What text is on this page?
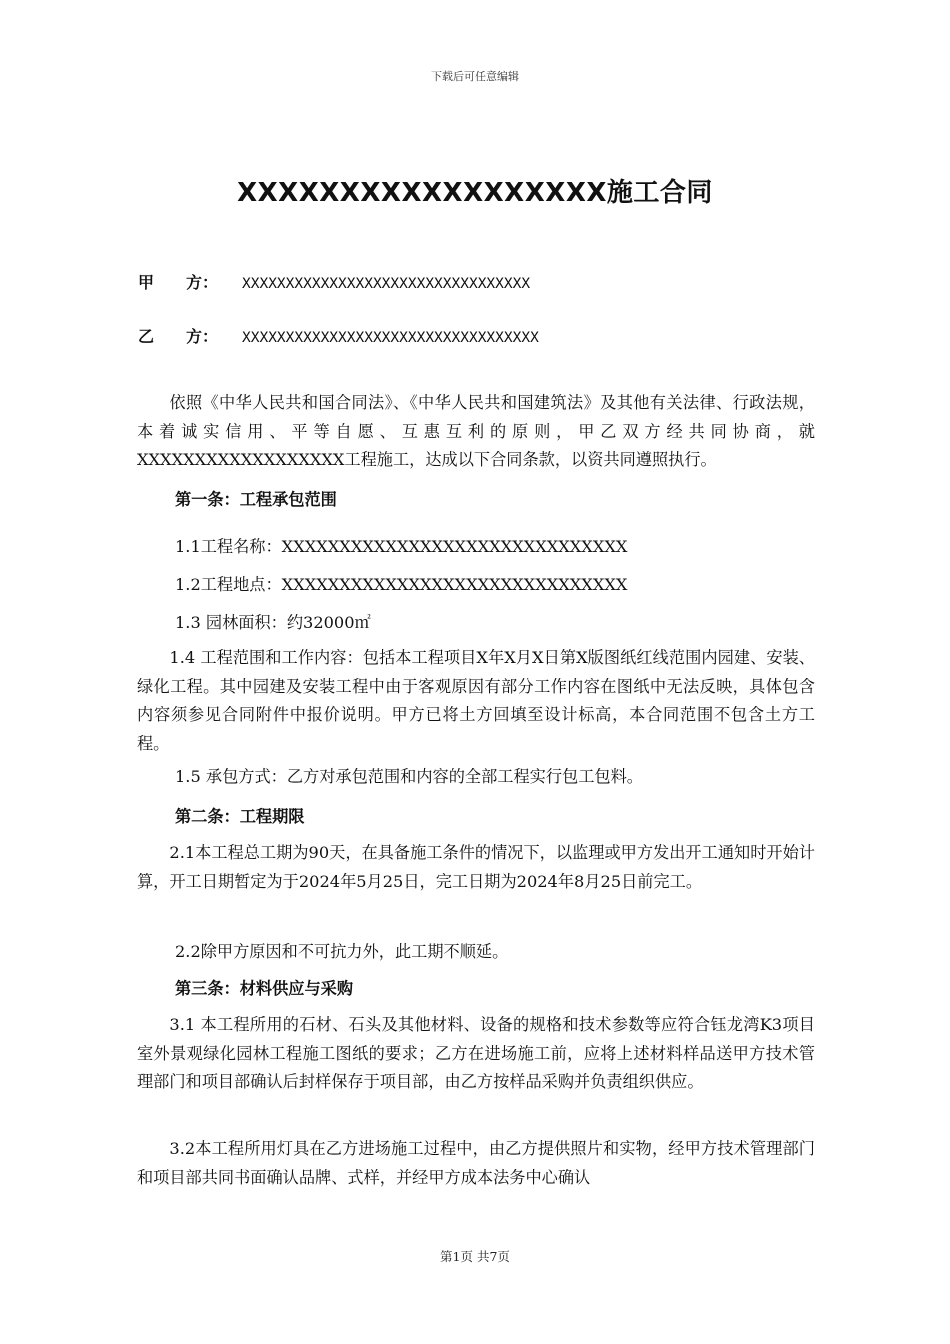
下载后可任意编辑
XXXXXXXXXXXXXXXXXX施工合同
甲　　方：	XXXXXXXXXXXXXXXXXXXXXXXXXXXXXXXXX
乙　　方：	XXXXXXXXXXXXXXXXXXXXXXXXXXXXXXXXXX

依照《中华人民共和国合同法》、《中华人民共和国建筑法》及其他有关法律、行政法规，本着诚实信用、平等自愿、互惠互利的原则，甲乙双方经共同协商，就XXXXXXXXXXXXXXXXXX工程施工，达成以下合同条款，以资共同遵照执行。

第一条：工程承包范围
1.1工程名称：XXXXXXXXXXXXXXXXXXXXXXXXXXXXXX
1.2工程地点：XXXXXXXXXXXXXXXXXXXXXXXXXXXXXX
1.3 园林面积：约32000㎡

1.4 工程范围和工作内容：包括本工程项目X年X月X日第X版图纸红线范围内园建、安装、绿化工程。其中园建及安装工程中由于客观原因有部分工作内容在图纸中无法反映，具体包含内容须参见合同附件中报价说明。甲方已将土方回填至设计标高，本合同范围不包含土方工程。

1.5 承包方式：乙方对承包范围和内容的全部工程实行包工包料。
第二条：工程期限

2.1本工程总工期为90天，在具备施工条件的情况下，以监理或甲方发出开工通知时开始计算，开工日期暂定为于2024年5月25日，完工日期为2024年8月25日前完工。

2.2除甲方原因和不可抗力外，此工期不顺延。
第三条：材料供应与采购

3.1 本工程所用的石材、石头及其他材料、设备的规格和技术参数等应符合钰龙湾K3项目室外景观绿化园林工程施工图纸的要求；乙方在进场施工前，应将上述材料样品送甲方技术管理部门和项目部确认后封样保存于项目部，由乙方按样品采购并负责组织供应。

3.2本工程所用灯具在乙方进场施工过程中，由乙方提供照片和实物，经甲方技术管理部门和项目部共同书面确认品牌、式样，并经甲方成本法务中心确认

第1页 共7页
